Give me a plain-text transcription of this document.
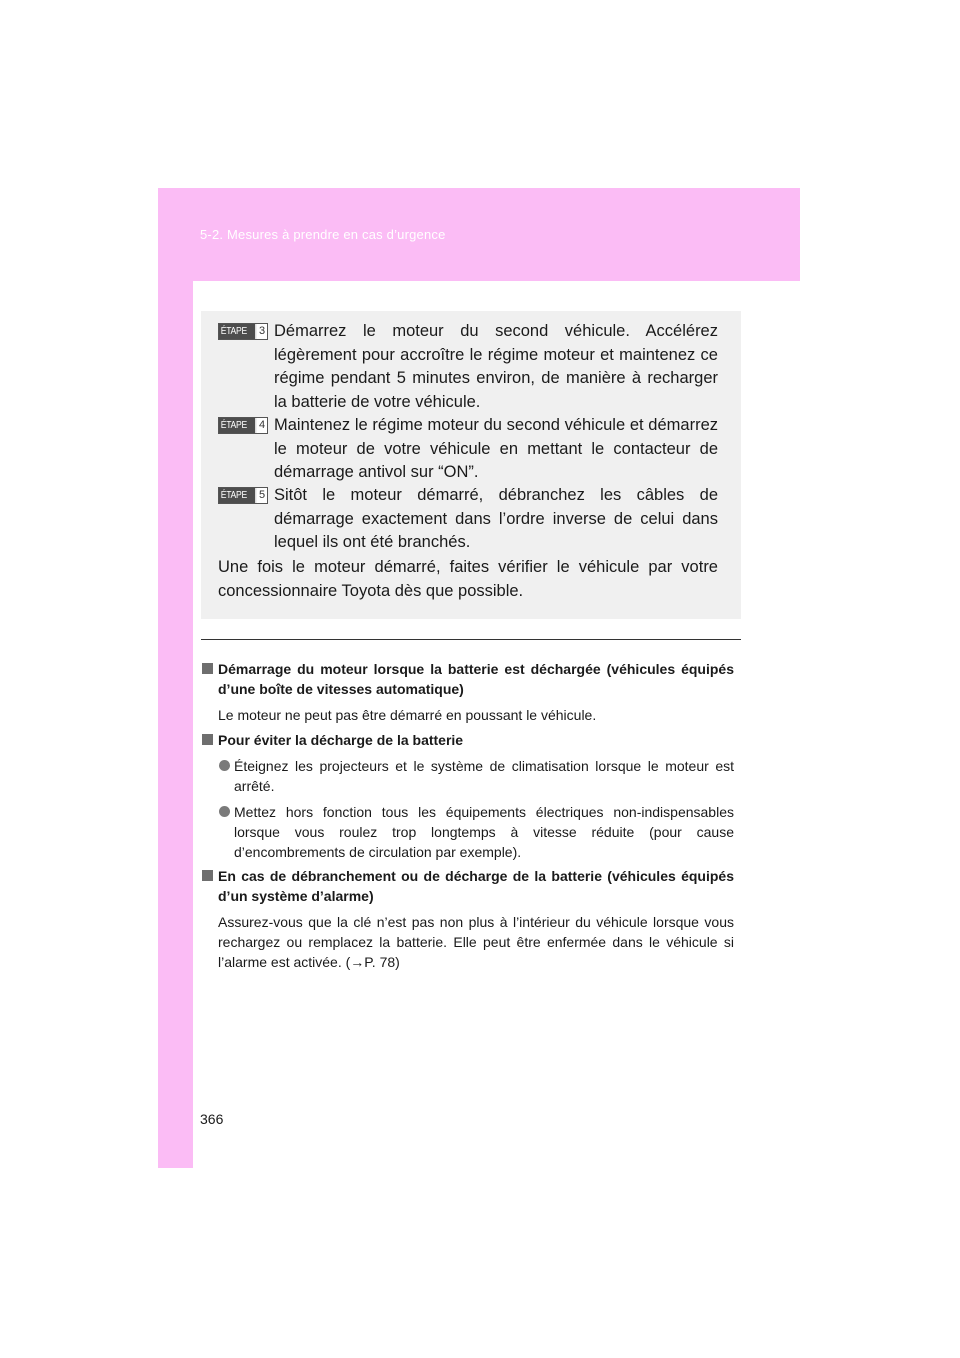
5-2. Mesures à prendre en cas d’urgence
ÉTAPE	3 Démarrez le moteur du second véhicule. Accélérez légèrement pour accroître le régime moteur et maintenez ce régime pendant 5 minutes environ, de manière à recharger la batterie de votre véhicule.
ÉTAPE	4 Maintenez le régime moteur du second véhicule et démarrez le moteur de votre véhicule en mettant le contacteur de démarrage antivol sur “ON”.
ÉTAPE	5 Sitôt le moteur démarré, débranchez les câbles de démarrage exactement dans l’ordre inverse de celui dans lequel ils ont été branchés.
Une fois le moteur démarré, faites vérifier le véhicule par votre concessionnaire Toyota dès que possible.
Démarrage du moteur lorsque la batterie est déchargée (véhicules équipés d’une boîte de vitesses automatique)
Le moteur ne peut pas être démarré en poussant le véhicule.
Pour éviter la décharge de la batterie
Éteignez les projecteurs et le système de climatisation lorsque le moteur est arrêté.
Mettez hors fonction tous les équipements électriques non-indispensables lorsque vous roulez trop longtemps à vitesse réduite (pour cause d’encombrements de circulation par exemple).
En cas de débranchement ou de décharge de la batterie (véhicules équipés d’un système d’alarme)
Assurez-vous que la clé n’est pas non plus à l’intérieur du véhicule lorsque vous rechargez ou remplacez la batterie. Elle peut être enfermée dans le véhicule si l’alarme est activée. (→P. 78)
366
